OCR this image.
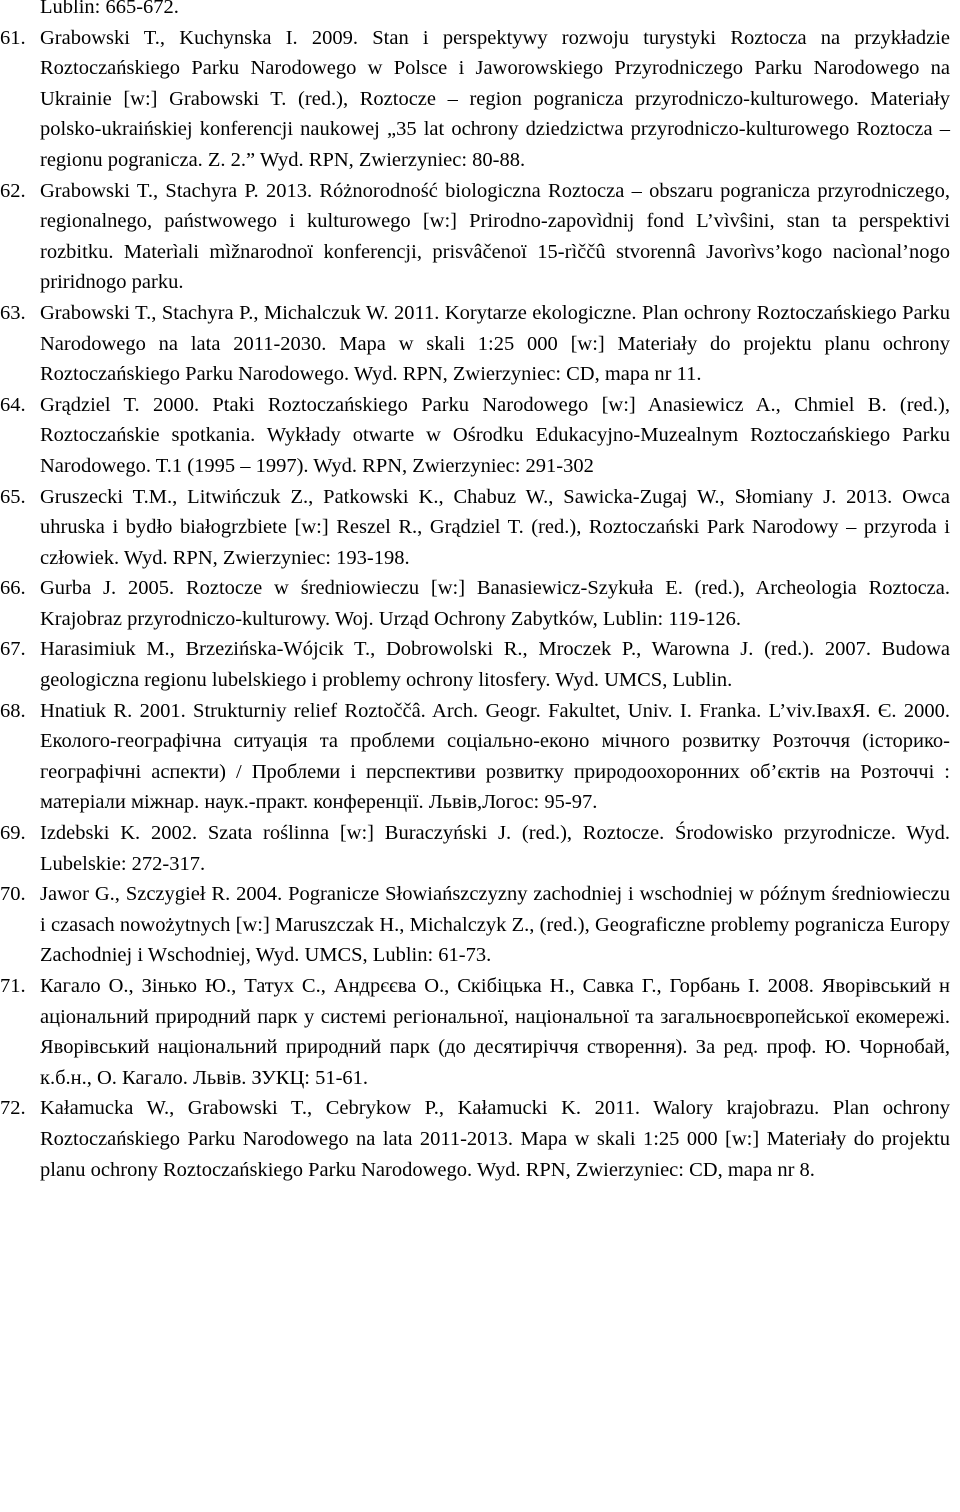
Lublin: 665-672.

61. Grabowski T., Kuchynska I. 2009. Stan i perspektywy rozwoju turystyki Roztocza na przykładzie Roztoczańskiego Parku Narodowego w Polsce i Jaworowskiego Przyrodniczego Parku Narodowego na Ukrainie [w:] Grabowski T. (red.), Roztocze – region pogranicza przyrodniczo-kulturowego. Materiały polsko-ukraińskiej konferencji naukowej „35 lat ochrony dziedzictwa przyrodniczo-kulturowego Roztocza – regionu pogranicza. Z. 2.” Wyd. RPN, Zwierzyniec: 80-88.

62. Grabowski T., Stachyra P. 2013. Różnorodność biologiczna Roztocza – obszaru pogranicza przyrodniczego, regionalnego, państwowego i kulturowego [w:] Prirodno-zapovìdnij fond L’vìvŝini, stan ta perspektivi rozbitku. Materìali mìžnarodnoï konferencji, prisvâčenoï 15-rìččû stvorennâ Javorìvs’kogo nacìonal’nogo priridnogo parku.

63. Grabowski T., Stachyra P., Michalczuk W. 2011. Korytarze ekologiczne. Plan ochrony Roztoczańskiego Parku Narodowego na lata 2011-2030. Mapa w skali 1:25 000 [w:] Materiały do projektu planu ochrony Roztoczańskiego Parku Narodowego. Wyd. RPN, Zwierzyniec: CD, mapa nr 11.

64. Grądziel T. 2000. Ptaki Roztoczańskiego Parku Narodowego [w:] Anasiewicz A., Chmiel B. (red.), Roztoczańskie spotkania. Wykłady otwarte w Ośrodku Edukacyjno-Muzealnym Roztoczańskiego Parku Narodowego. T.1 (1995 – 1997). Wyd. RPN, Zwierzyniec: 291-302

65. Gruszecki T.M., Litwińczuk Z., Patkowski K., Chabuz W., Sawicka-Zugaj W., Słomiany J. 2013. Owca uhruska i bydło białogrzbiete [w:] Reszel R., Grądziel T. (red.), Roztoczański Park Narodowy – przyroda i człowiek. Wyd. RPN, Zwierzyniec: 193-198.

66. Gurba J. 2005. Roztocze w średniowieczu [w:] Banasiewicz-Szykuła E. (red.), Archeologia Roztocza. Krajobraz przyrodniczo-kulturowy. Woj. Urząd Ochrony Zabytków, Lublin: 119-126.

67. Harasimiuk M., Brzezińska-Wójcik T., Dobrowolski R., Mroczek P., Warowna J. (red.). 2007. Budowa geologiczna regionu lubelskiego i problemy ochrony litosfery. Wyd. UMCS, Lublin.

68. Hnatiuk R. 2001. Strukturniy relief Roztoččâ. Arch. Geogr. Fakultet, Univ. I. Franka. L’viv.ІвахЯ. Є. 2000. Еколого-географічна ситуація та проблеми соціально-еконо мічного розвитку Розточчя (історико-географічні аспекти) / Проблеми і перспективи розвитку природоохоронних об’єктів на Розточчі : матеріали міжнар. наук.-практ. конференції. Львів,Логос: 95-97.

69. Izdebski K. 2002. Szata roślinna [w:] Buraczyński J. (red.), Roztocze. Środowisko przyrodnicze. Wyd. Lubelskie: 272-317.

70. Jawor G., Szczygieł R. 2004. Pogranicze Słowiańszczyzny zachodniej i wschodniej w późnym średniowieczu i czasach nowożytnych [w:] Maruszczak H., Michalczyk Z., (red.), Geograficzne problemy pogranicza Europy Zachodniej i Wschodniej, Wyd. UMCS, Lublin: 61-73.

71. Кагало О., Зінько Ю., Татух С., Андрєєва О., Скібіцька Н., Савка Г., Горбань І. 2008. Яворівський н аціональний природний парк у системі регіональної, національної та загальноєвропейської екомережі. Яворівський національний природний парк (до десятиріччя створення). За ред. проф. Ю. Чорнобай, к.б.н., О. Кагало. Львів. ЗУКЦ: 51-61.

72. Kałamucka W., Grabowski T., Cebrykow P., Kałamucki K. 2011. Walory krajobrazu. Plan ochrony Roztoczańskiego Parku Narodowego na lata 2011-2013. Mapa w skali 1:25 000 [w:] Materiały do projektu planu ochrony Roztoczańskiego Parku Narodowego. Wyd. RPN, Zwierzyniec: CD, mapa nr 8.
